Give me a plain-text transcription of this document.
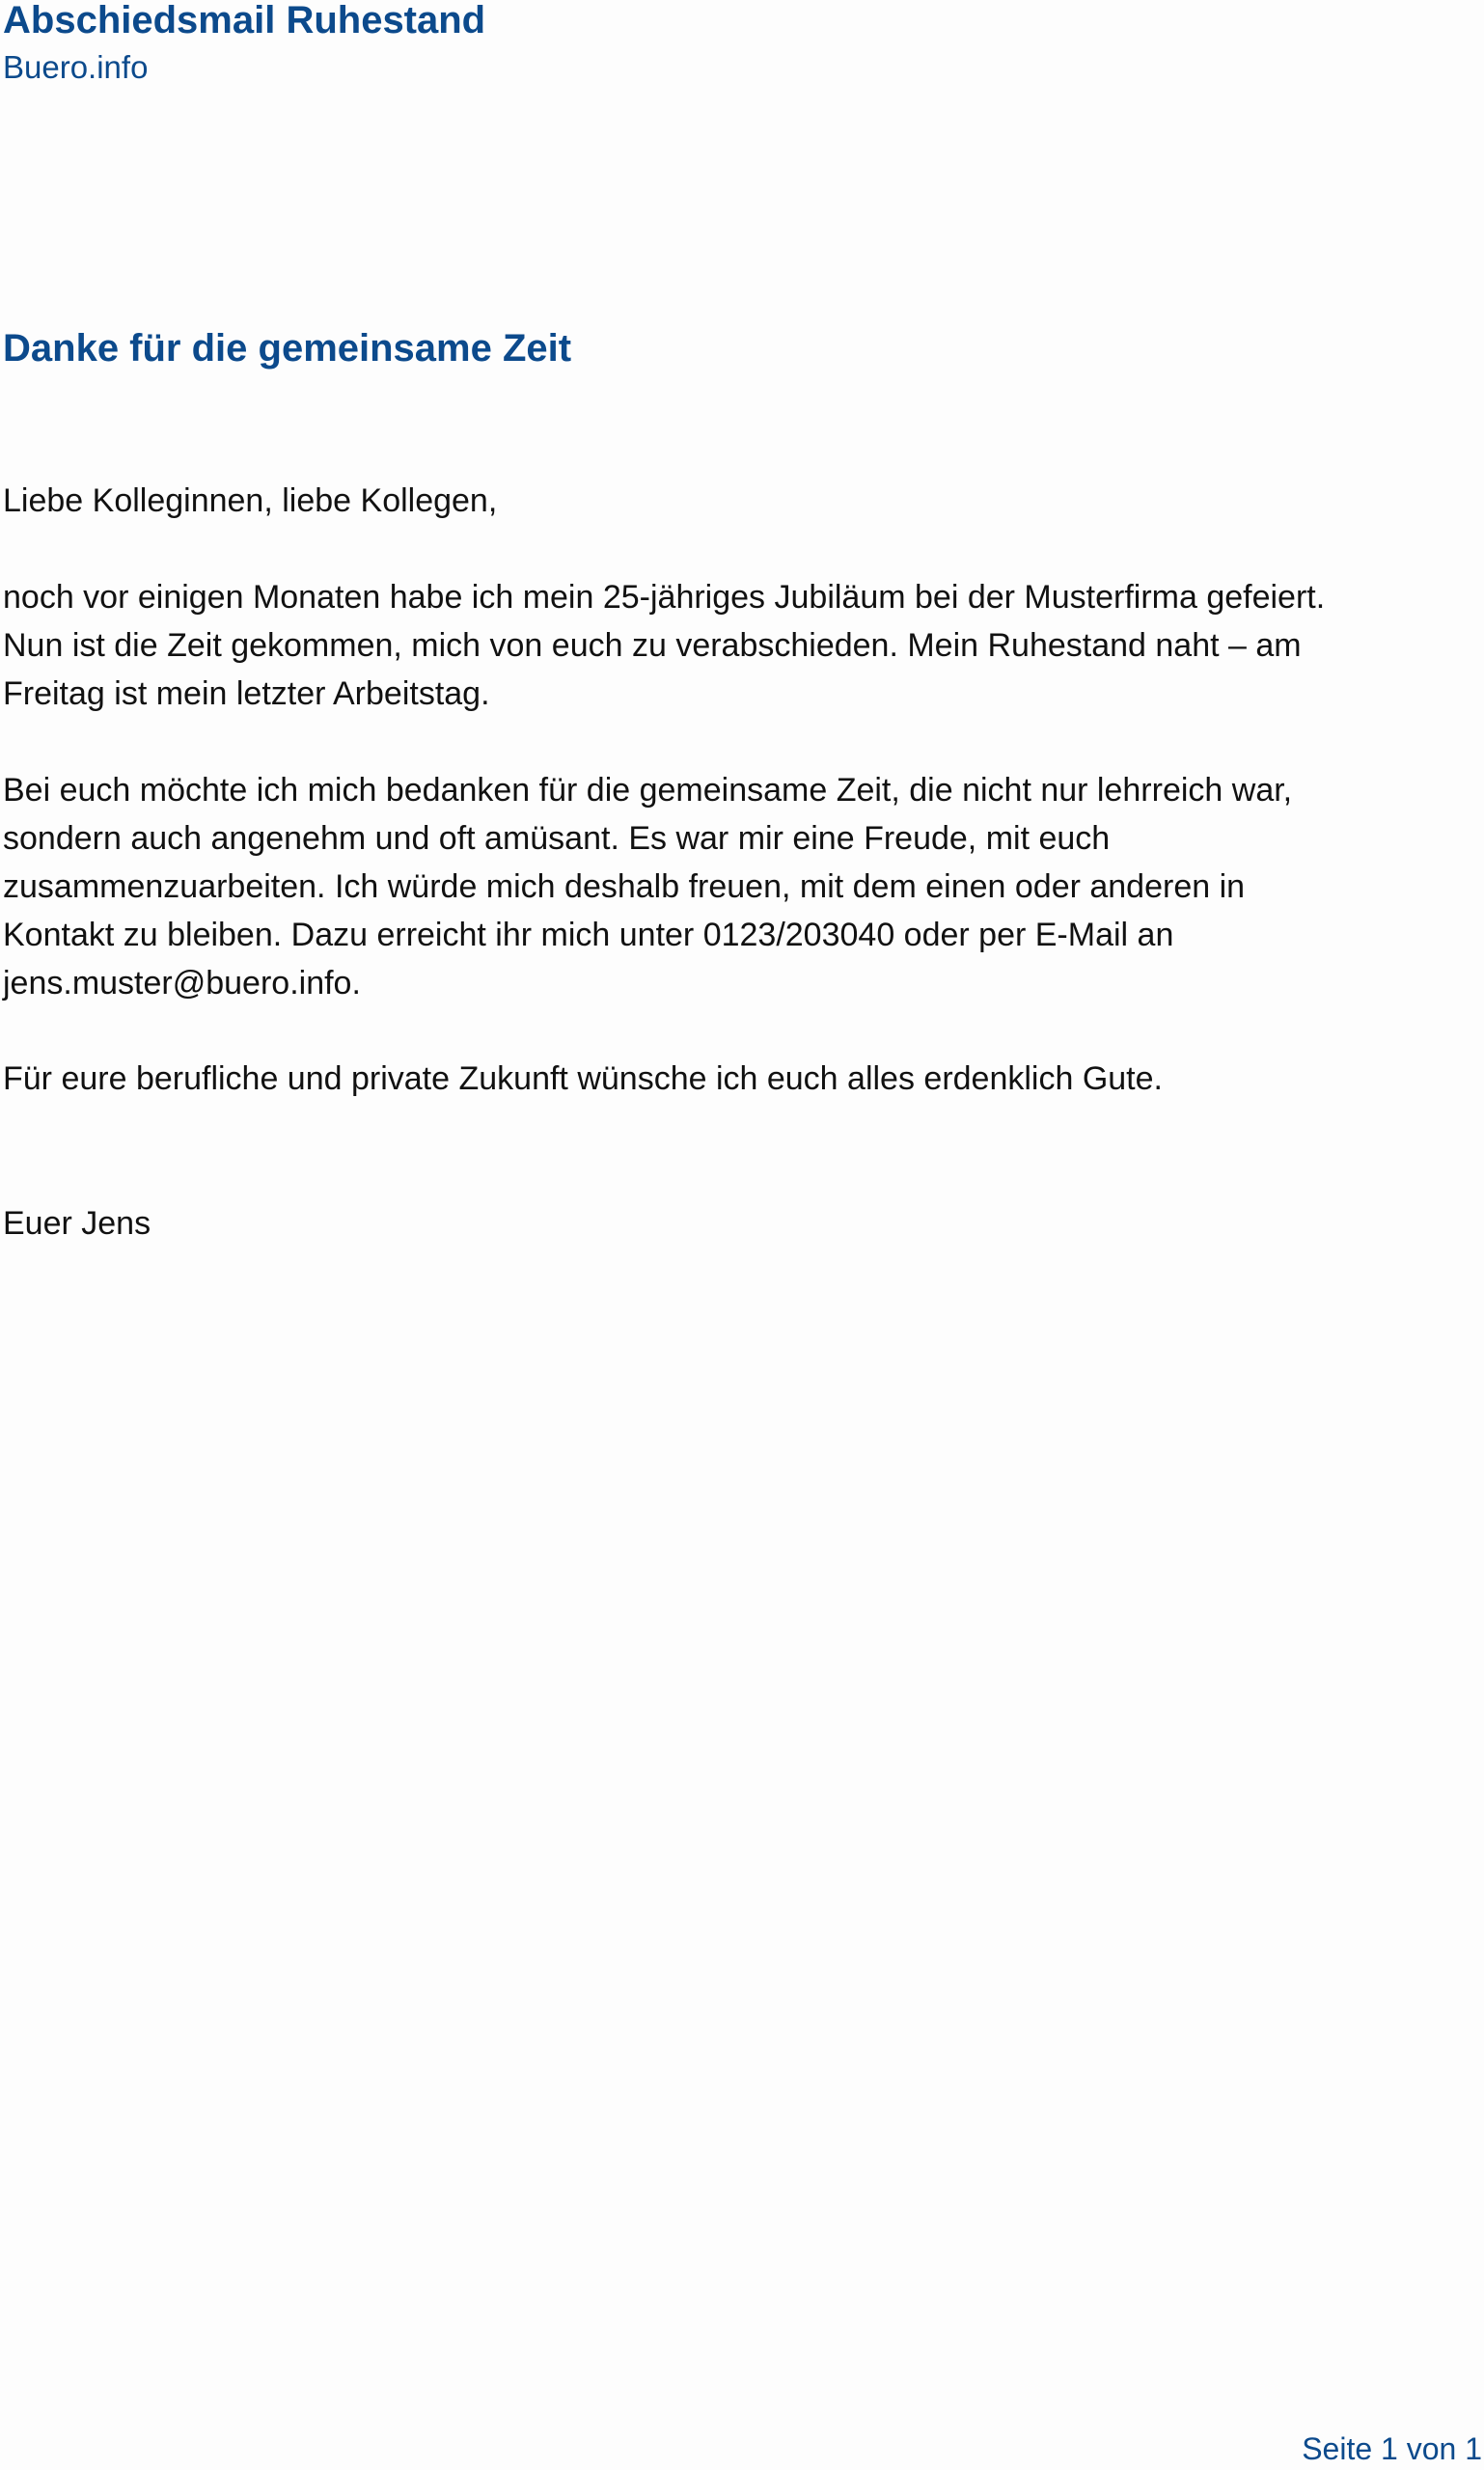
Abschiedsmail Ruhestand
Buero.info
Danke für die gemeinsame Zeit

Liebe Kolleginnen, liebe Kollegen,

noch vor einigen Monaten habe ich mein 25-jähriges Jubiläum bei der Musterfirma gefeiert.
Nun ist die Zeit gekommen, mich von euch zu verabschieden. Mein Ruhestand naht – am
Freitag ist mein letzter Arbeitstag.

Bei euch möchte ich mich bedanken für die gemeinsame Zeit, die nicht nur lehrreich war,
sondern auch angenehm und oft amüsant. Es war mir eine Freude, mit euch
zusammenzuarbeiten. Ich würde mich deshalb freuen, mit dem einen oder anderen in
Kontakt zu bleiben. Dazu erreicht ihr mich unter 0123/203040 oder per E-Mail an
jens.muster@buero.info.

Für eure berufliche und private Zukunft wünsche ich euch alles erdenklich Gute.

Euer Jens

Seite 1 von 1
